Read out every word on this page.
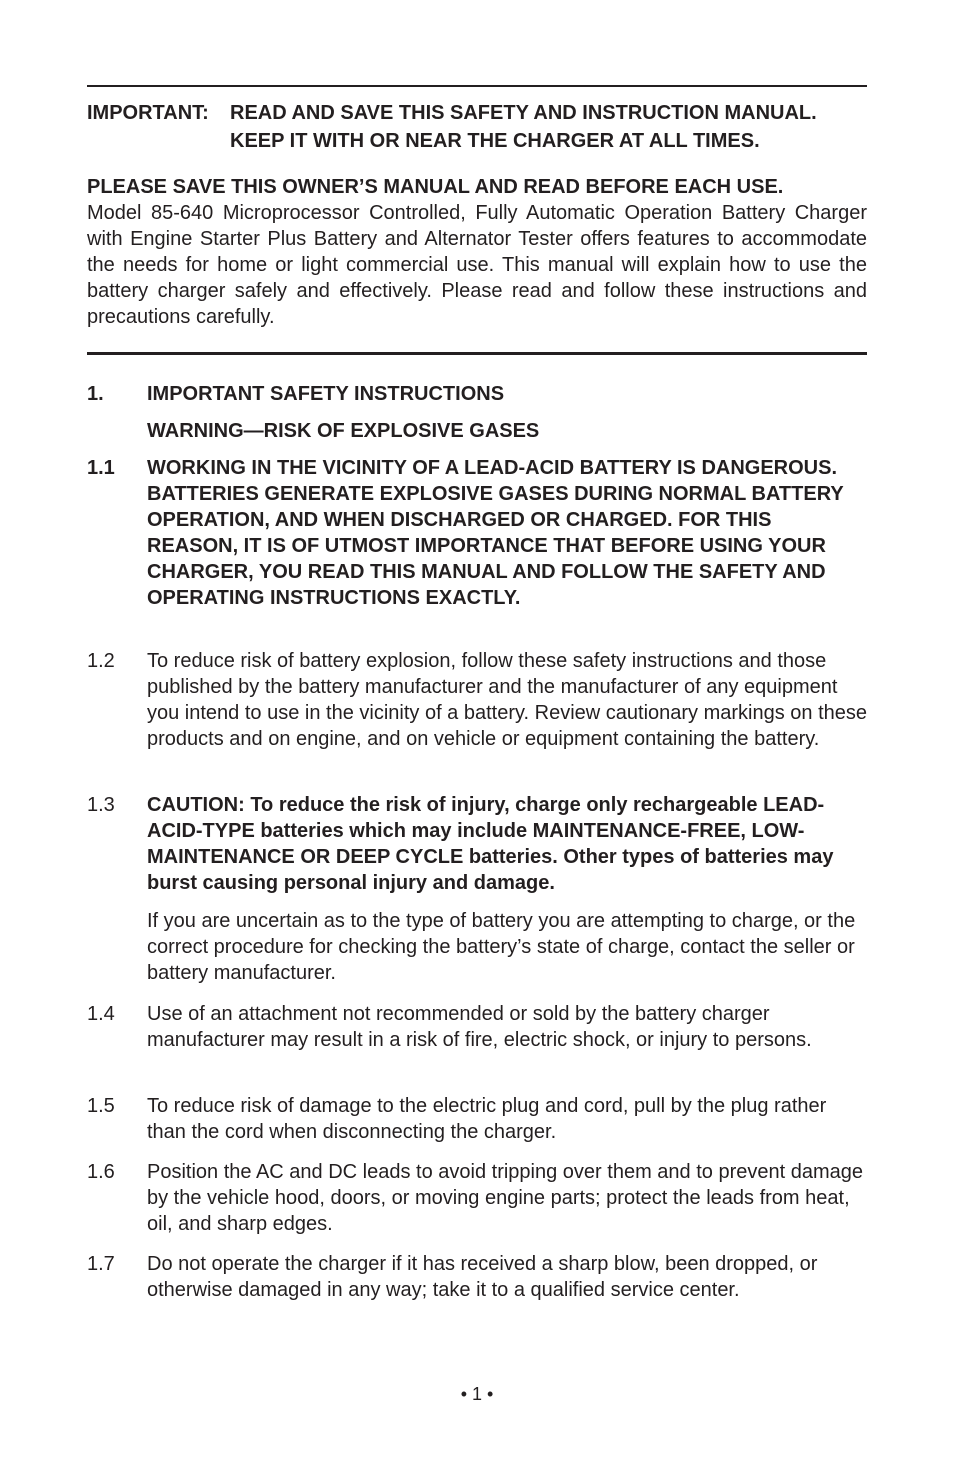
IMPORTANT: READ AND SAVE THIS SAFETY AND INSTRUCTION MANUAL.
KEEP IT WITH OR NEAR THE CHARGER AT ALL TIMES.
PLEASE SAVE THIS OWNER’S MANUAL AND READ BEFORE EACH USE.
Model 85-640 Microprocessor Controlled, Fully Automatic Operation Battery Charger with Engine Starter Plus Battery and Alternator Tester offers features to accommodate the needs for home or light commercial use. This manual will explain how to use the battery charger safely and effectively. Please read and follow these instructions and precautions carefully.
1. IMPORTANT SAFETY INSTRUCTIONS
WARNING—RISK OF EXPLOSIVE GASES
1.1 WORKING IN THE VICINITY OF A LEAD-ACID BATTERY IS DANGEROUS. BATTERIES GENERATE EXPLOSIVE GASES DURING NORMAL BATTERY OPERATION, AND WHEN DISCHARGED OR CHARGED. FOR THIS REASON, IT IS OF UTMOST IMPORTANCE THAT BEFORE USING YOUR CHARGER, YOU READ THIS MANUAL AND FOLLOW THE SAFETY AND OPERATING INSTRUCTIONS EXACTLY.
1.2 To reduce risk of battery explosion, follow these safety instructions and those published by the battery manufacturer and the manufacturer of any equipment you intend to use in the vicinity of a battery. Review cautionary markings on these products and on engine, and on vehicle or equipment containing the battery.
1.3 CAUTION: To reduce the risk of injury, charge only rechargeable LEAD-ACID-TYPE batteries which may include MAINTENANCE-FREE, LOW-MAINTENANCE OR DEEP CYCLE batteries. Other types of batteries may burst causing personal injury and damage.
If you are uncertain as to the type of battery you are attempting to charge, or the correct procedure for checking the battery’s state of charge, contact the seller or battery manufacturer.
1.4 Use of an attachment not recommended or sold by the battery charger manufacturer may result in a risk of fire, electric shock, or injury to persons.
1.5 To reduce risk of damage to the electric plug and cord, pull by the plug rather than the cord when disconnecting the charger.
1.6 Position the AC and DC leads to avoid tripping over them and to prevent damage by the vehicle hood, doors, or moving engine parts; protect the leads from heat, oil, and sharp edges.
1.7 Do not operate the charger if it has received a sharp blow, been dropped, or otherwise damaged in any way; take it to a qualified service center.
• 1 •
